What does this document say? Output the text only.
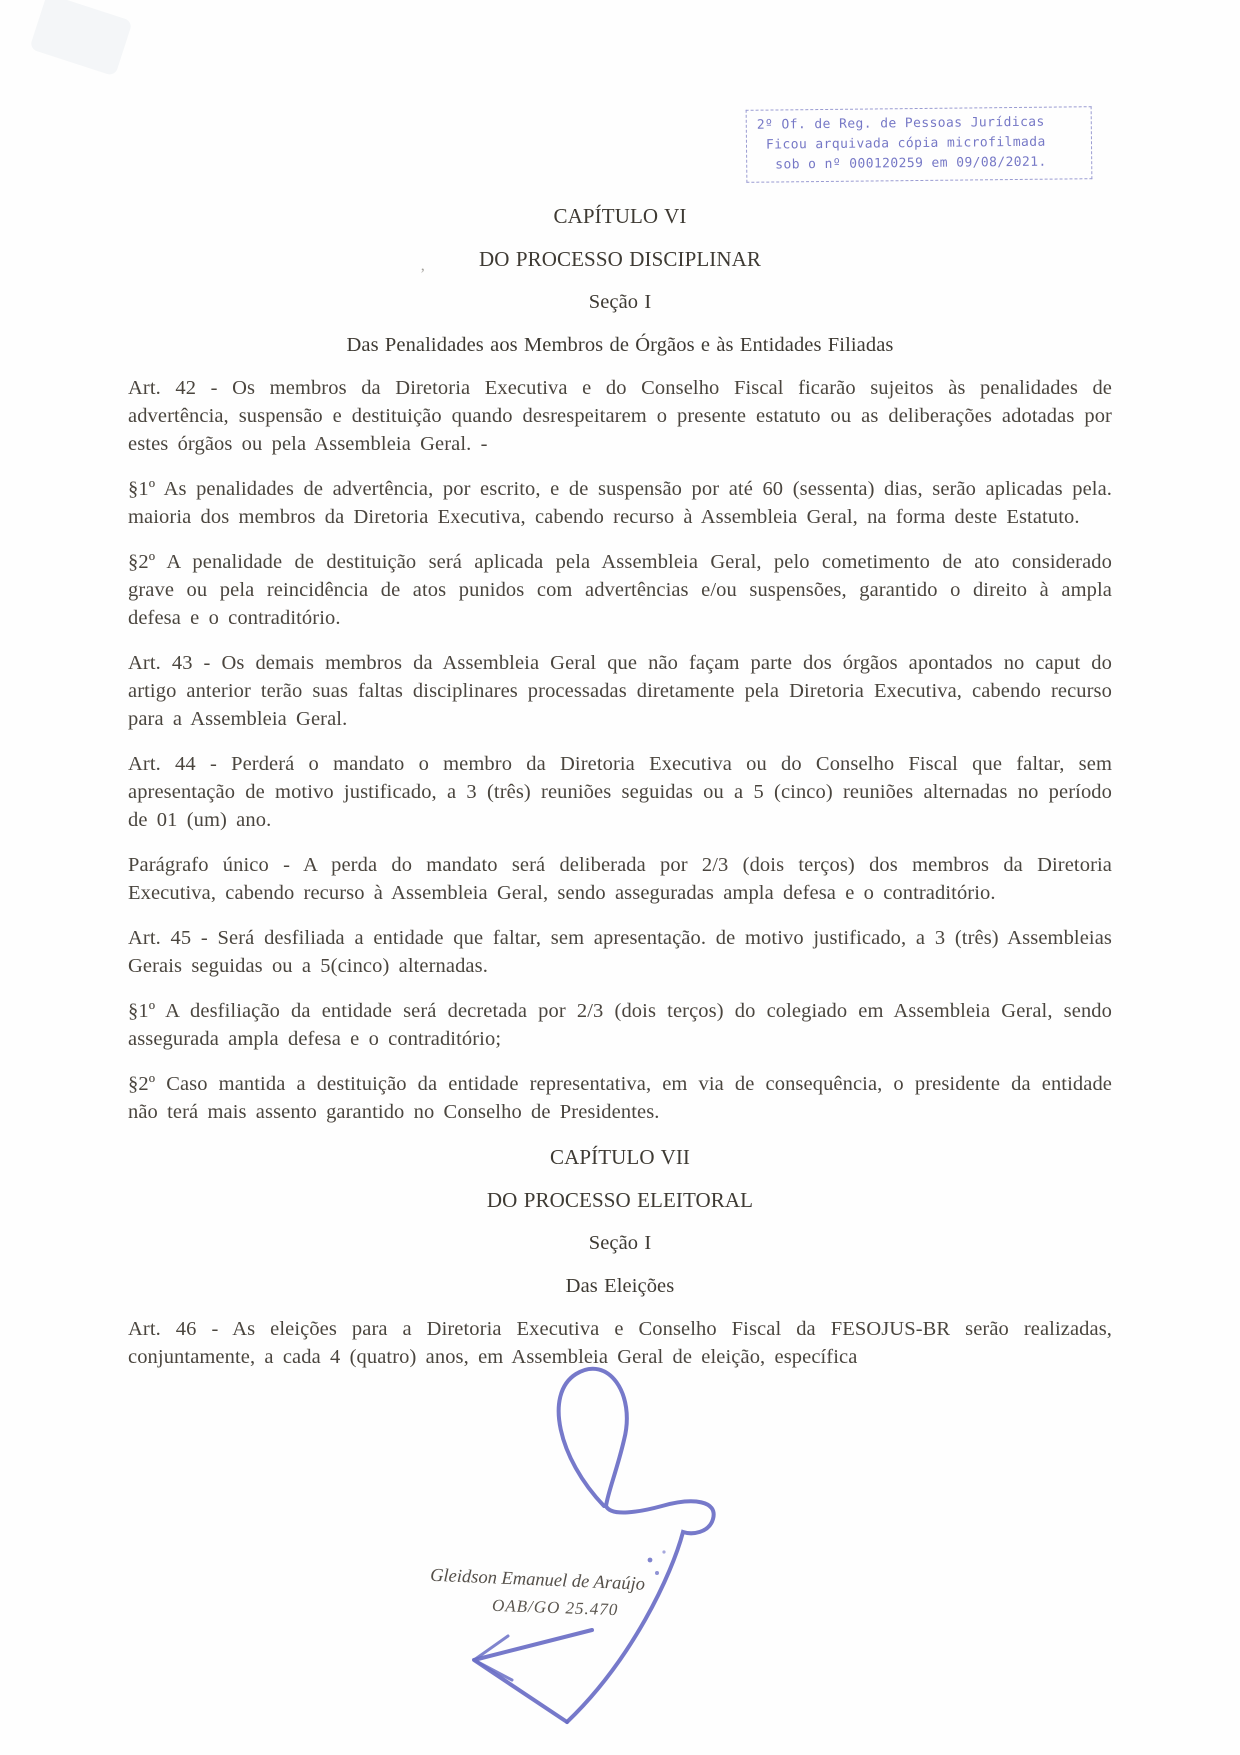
2º Of. de Reg. de Pessoas Jurídicas
Ficou arquivada cópia microfilmada
sob o nº 000120259 em 09/08/2021.
’

CAPÍTULO VI

DO PROCESSO DISCIPLINAR

Seção I

Das Penalidades aos Membros de Órgãos e às Entidades Filiadas

Art. 42 - Os membros da Diretoria Executiva e do Conselho Fiscal ficarão sujeitos às penalidades de advertência, suspensão e destituição quando desrespeitarem o presente estatuto ou as deliberações adotadas por estes órgãos ou pela Assembleia Geral. -

§1º As penalidades de advertência, por escrito, e de suspensão por até 60 (sessenta) dias, serão aplicadas pela. maioria dos membros da Diretoria Executiva, cabendo recurso à Assembleia Geral, na forma deste Estatuto.

§2º A penalidade de destituição será aplicada pela Assembleia Geral, pelo cometimento de ato considerado grave ou pela reincidência de atos punidos com advertências e/ou suspensões, garantido o direito à ampla defesa e o contraditório.

Art. 43 - Os demais membros da Assembleia Geral que não façam parte dos órgãos apontados no caput do artigo anterior terão suas faltas disciplinares processadas diretamente pela Diretoria Executiva, cabendo recurso para a Assembleia Geral.

Art. 44 - Perderá o mandato o membro da Diretoria Executiva ou do Conselho Fiscal que faltar, sem apresentação de motivo justificado, a 3 (três) reuniões seguidas ou a 5 (cinco) reuniões alternadas no período de 01 (um) ano.

Parágrafo único - A perda do mandato será deliberada por 2/3 (dois terços) dos membros da Diretoria Executiva, cabendo recurso à Assembleia Geral, sendo asseguradas ampla defesa e o contraditório.

Art. 45 - Será desfiliada a entidade que faltar, sem apresentação. de motivo justificado, a 3 (três) Assembleias Gerais seguidas ou a 5(cinco) alternadas.

§1º A desfiliação da entidade será decretada por 2/3 (dois terços) do colegiado em Assembleia Geral, sendo assegurada ampla defesa e o contraditório;

§2º Caso mantida a destituição da entidade representativa, em via de consequência, o presidente da entidade não terá mais assento garantido no Conselho de Presidentes.

CAPÍTULO VII

DO PROCESSO ELEITORAL

Seção I

Das Eleições

Art. 46 - As eleições para a Diretoria Executiva e Conselho Fiscal da FESOJUS-BR serão realizadas, conjuntamente, a cada 4 (quatro) anos, em Assembleia Geral de eleição, específica

Gleidson Emanuel de Araújo
OAB/GO 25.470
